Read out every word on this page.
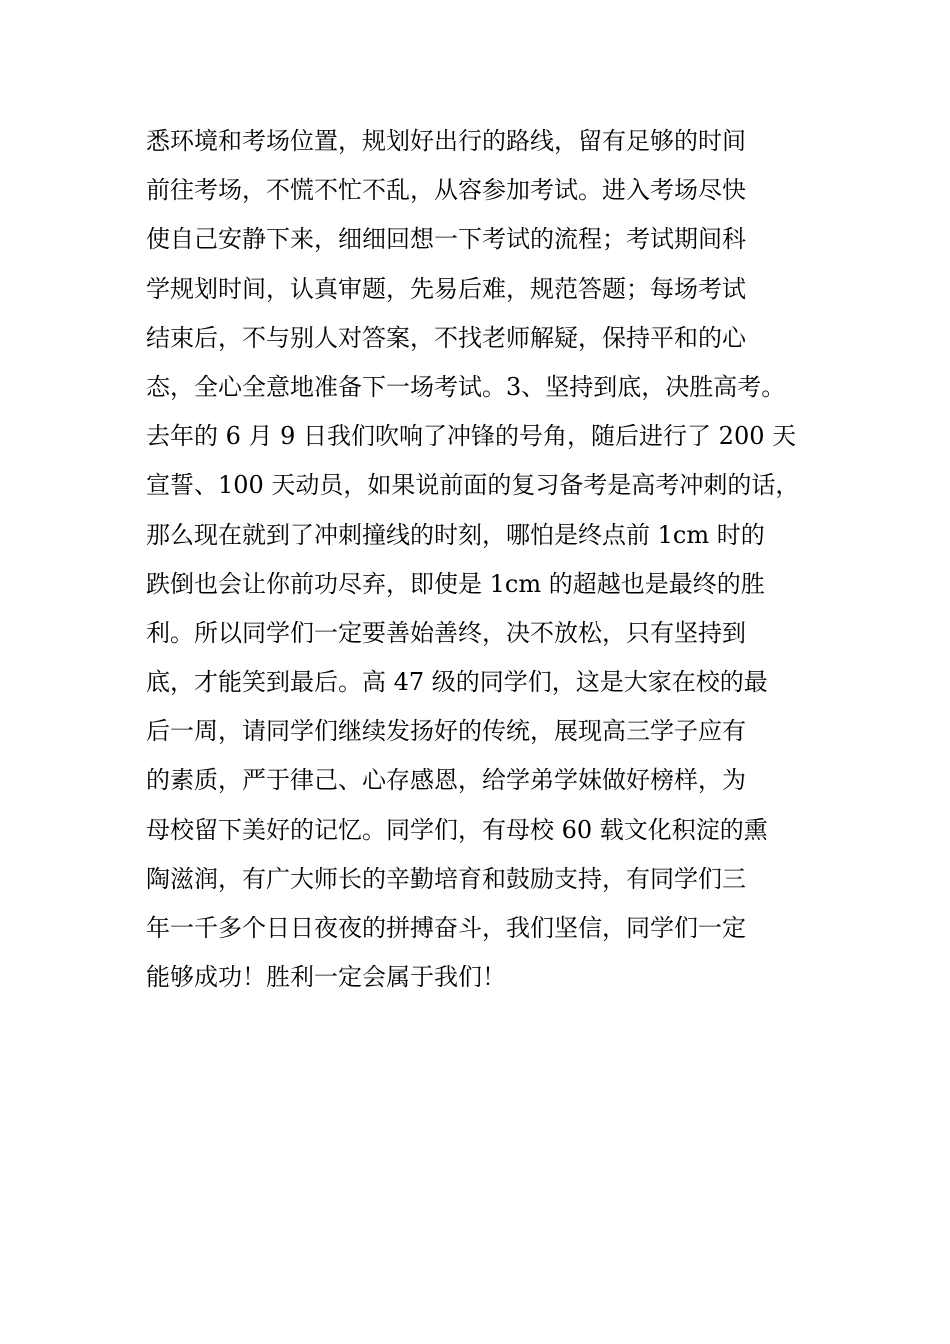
悉环境和考场位置，规划好出行的路线，留有足够的时间
前往考场，不慌不忙不乱，从容参加考试。进入考场尽快
使自己安静下来，细细回想一下考试的流程；考试期间科
学规划时间，认真审题，先易后难，规范答题；每场考试
结束后，不与别人对答案，不找老师解疑，保持平和的心
态，全心全意地准备下一场考试。3、坚持到底，决胜高考。
去年的 6 月 9 日我们吹响了冲锋的号角，随后进行了 200 天
宣誓、100 天动员，如果说前面的复习备考是高考冲刺的话，
那么现在就到了冲刺撞线的时刻，哪怕是终点前 1cm 时的
跌倒也会让你前功尽弃，即使是 1cm 的超越也是最终的胜
利。所以同学们一定要善始善终，决不放松，只有坚持到
底，才能笑到最后。高 47 级的同学们，这是大家在校的最
后一周，请同学们继续发扬好的传统，展现高三学子应有
的素质，严于律己、心存感恩，给学弟学妹做好榜样，为
母校留下美好的记忆。同学们，有母校 60 载文化积淀的熏
陶滋润，有广大师长的辛勤培育和鼓励支持，有同学们三
年一千多个日日夜夜的拼搏奋斗，我们坚信，同学们一定
能够成功！胜利一定会属于我们！
